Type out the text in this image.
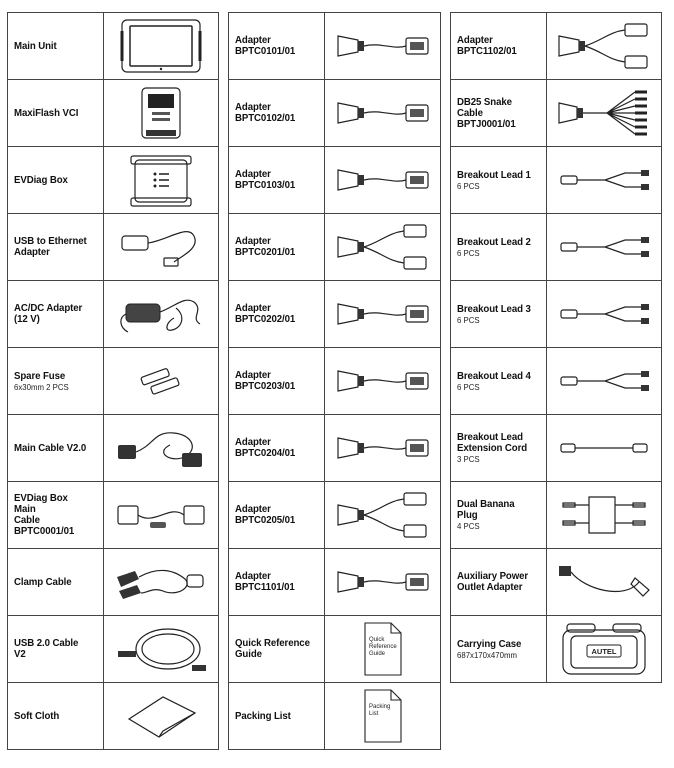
Main Unit
MaxiFlash VCI
EVDiag Box
USB to Ethernet
Adapter
AC/DC Adapter
(12 V)
Spare Fuse
6x30mm 2 PCS
Main Cable V2.0
EVDiag Box Main
Cable
BPTC0001/01
Clamp Cable
USB 2.0 Cable V2
Soft Cloth
Adapter
BPTC0101/01
Adapter
BPTC0102/01
Adapter
BPTC0103/01
Adapter
BPTC0201/01
Adapter
BPTC0202/01
Adapter
BPTC0203/01
Adapter
BPTC0204/01
Adapter
BPTC0205/01
Adapter
BPTC1101/01
Quick Reference
Guide
Quick Reference Guide
Packing List
Packing List
Adapter
BPTC1102/01
DB25 Snake
Cable
BPTJ0001/01
Breakout Lead 1
6 PCS
Breakout Lead 2
6 PCS
Breakout Lead 3
6 PCS
Breakout Lead 4
6 PCS
Breakout Lead
Extension Cord
3 PCS
Dual Banana Plug
4 PCS
Auxiliary Power
Outlet Adapter
Carrying Case
687x170x470mm	AUTEL
